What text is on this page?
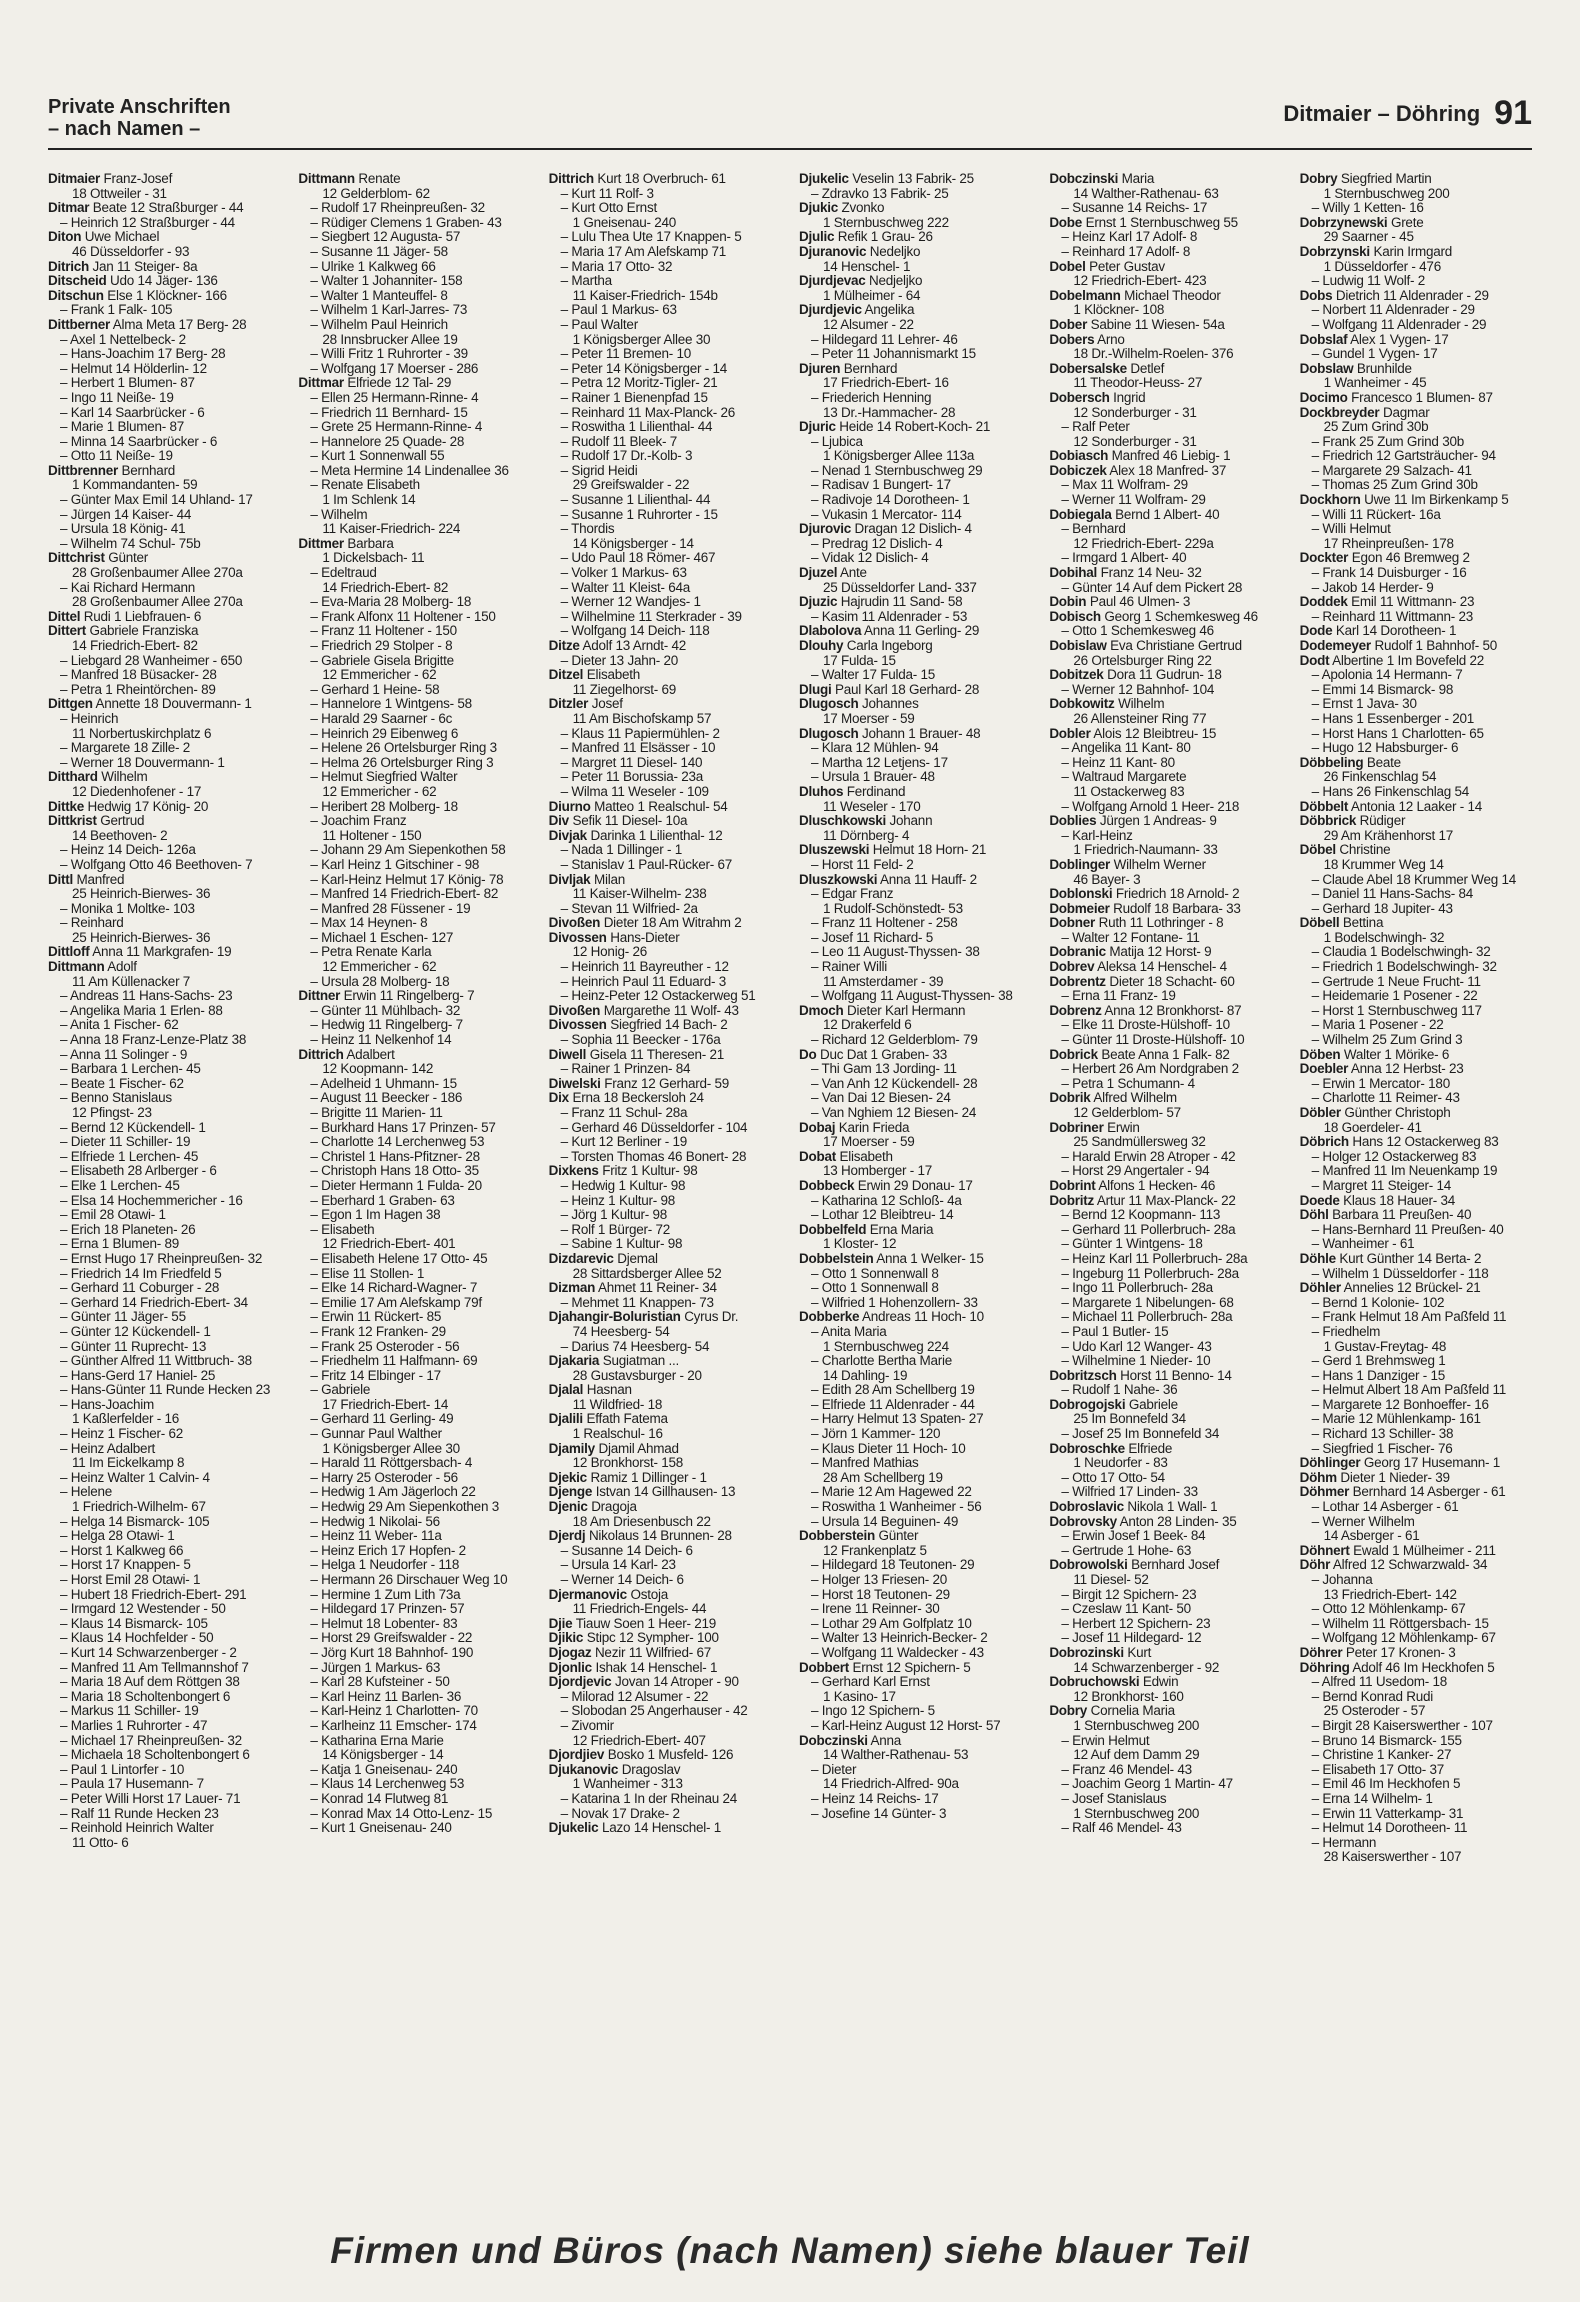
Private Anschriften
– nach Namen –
Ditmaier – Döhring 91

Ditmaier Franz-Josef

18 Ottweiler - 31

Ditmar Beate 12 Straßburger - 44

– Heinrich 12 Straßburger - 44

Diton Uwe Michael

46 Düsseldorfer - 93

Ditrich Jan 11 Steiger- 8a

Ditscheid Udo 14 Jäger- 136

Ditschun Else 1 Klöckner- 166

– Frank 1 Falk- 105

Dittberner Alma Meta 17 Berg- 28

– Axel 1 Nettelbeck- 2

– Hans-Joachim 17 Berg- 28

– Helmut 14 Hölderlin- 12

– Herbert 1 Blumen- 87

– Ingo 11 Neiße- 19

– Karl 14 Saarbrücker - 6

– Marie 1 Blumen- 87

– Minna 14 Saarbrücker - 6

– Otto 11 Neiße- 19

Dittbrenner Bernhard

1 Kommandanten- 59

– Günter Max Emil 14 Uhland- 17

– Jürgen 14 Kaiser- 44

– Ursula 18 König- 41

– Wilhelm 74 Schul- 75b

Dittchrist Günter

28 Großenbaumer Allee 270a

– Kai Richard Hermann

28 Großenbaumer Allee 270a

Dittel Rudi 1 Liebfrauen- 6

Dittert Gabriele Franziska

14 Friedrich-Ebert- 82

– Liebgard 28 Wanheimer - 650

– Manfred 18 Büsacker- 28

– Petra 1 Rheintörchen- 89

Dittgen Annette 18 Douvermann- 1

– Heinrich

11 Norbertuskirchplatz 6

– Margarete 18 Zille- 2

– Werner 18 Douvermann- 1

Ditthard Wilhelm

12 Diedenhofener - 17

Dittke Hedwig 17 König- 20

Dittkrist Gertrud

14 Beethoven- 2

– Heinz 14 Deich- 126a

– Wolfgang Otto 46 Beethoven- 7

Dittl Manfred

25 Heinrich-Bierwes- 36

– Monika 1 Moltke- 103

– Reinhard

25 Heinrich-Bierwes- 36

Dittloff Anna 11 Markgrafen- 19

Dittmann Adolf

11 Am Küllenacker 7

– Andreas 11 Hans-Sachs- 23

– Angelika Maria 1 Erlen- 88

– Anita 1 Fischer- 62

– Anna 18 Franz-Lenze-Platz 38

– Anna 11 Solinger - 9

– Barbara 1 Lerchen- 45

– Beate 1 Fischer- 62

– Benno Stanislaus

12 Pfingst- 23

– Bernd 12 Kückendell- 1

– Dieter 11 Schiller- 19

– Elfriede 1 Lerchen- 45

– Elisabeth 28 Arlberger - 6

– Elke 1 Lerchen- 45

– Elsa 14 Hochemmericher - 16

– Emil 28 Otawi- 1

– Erich 18 Planeten- 26

– Erna 1 Blumen- 89

– Ernst Hugo 17 Rheinpreußen- 32

– Friedrich 14 Im Friedfeld 5

– Gerhard 11 Coburger - 28

– Gerhard 14 Friedrich-Ebert- 34

– Günter 11 Jäger- 55

– Günter 12 Kückendell- 1

– Günter 11 Ruprecht- 13

– Günther Alfred 11 Wittbruch- 38

– Hans-Gerd 17 Haniel- 25

– Hans-Günter 11 Runde Hecken 23

– Hans-Joachim

1 Kaßlerfelder - 16

– Heinz 1 Fischer- 62

– Heinz Adalbert

11 Im Eickelkamp 8

– Heinz Walter 1 Calvin- 4

– Helene

1 Friedrich-Wilhelm- 67

– Helga 14 Bismarck- 105

– Helga 28 Otawi- 1

– Horst 1 Kalkweg 66

– Horst 17 Knappen- 5

– Horst Emil 28 Otawi- 1

– Hubert 18 Friedrich-Ebert- 291

– Irmgard 12 Westender - 50

– Klaus 14 Bismarck- 105

– Klaus 14 Hochfelder - 50

– Kurt 14 Schwarzenberger - 2

– Manfred 11 Am Tellmannshof 7

– Maria 18 Auf dem Röttgen 38

– Maria 18 Scholtenbongert 6

– Markus 11 Schiller- 19

– Marlies 1 Ruhrorter - 47

– Michael 17 Rheinpreußen- 32

– Michaela 18 Scholtenbongert 6

– Paul 1 Lintorfer - 10

– Paula 17 Husemann- 7

– Peter Willi Horst 17 Lauer- 71

– Ralf 11 Runde Hecken 23

– Reinhold Heinrich Walter

11 Otto- 6

Dittmann Renate

12 Gelderblom- 62

– Rudolf 17 Rheinpreußen- 32

– Rüdiger Clemens 1 Graben- 43

– Siegbert 12 Augusta- 57

– Susanne 11 Jäger- 58

– Ulrike 1 Kalkweg 66

– Walter 1 Johanniter- 158

– Walter 1 Manteuffel- 8

– Wilhelm 1 Karl-Jarres- 73

– Wilhelm Paul Heinrich

28 Innsbrucker Allee 19

– Willi Fritz 1 Ruhrorter - 39

– Wolfgang 17 Moerser - 286

Dittmar Elfriede 12 Tal- 29

– Ellen 25 Hermann-Rinne- 4

– Friedrich 11 Bernhard- 15

– Grete 25 Hermann-Rinne- 4

– Hannelore 25 Quade- 28

– Kurt 1 Sonnenwall 55

– Meta Hermine 14 Lindenallee 36

– Renate Elisabeth

1 Im Schlenk 14

– Wilhelm

11 Kaiser-Friedrich- 224

Dittmer Barbara

1 Dickelsbach- 11

– Edeltraud

14 Friedrich-Ebert- 82

– Eva-Maria 28 Molberg- 18

– Frank Alfonx 11 Holtener - 150

– Franz 11 Holtener - 150

– Friedrich 29 Stolper - 8

– Gabriele Gisela Brigitte

12 Emmericher - 62

– Gerhard 1 Heine- 58

– Hannelore 1 Wintgens- 58

– Harald 29 Saarner - 6c

– Heinrich 29 Eibenweg 6

– Helene 26 Ortelsburger Ring 3

– Helma 26 Ortelsburger Ring 3

– Helmut Siegfried Walter

12 Emmericher - 62

– Heribert 28 Molberg- 18

– Joachim Franz

11 Holtener - 150

– Johann 29 Am Siepenkothen 58

– Karl Heinz 1 Gitschiner - 98

– Karl-Heinz Helmut 17 König- 78

– Manfred 14 Friedrich-Ebert- 82

– Manfred 28 Füssener - 19

– Max 14 Heynen- 8

– Michael 1 Eschen- 127

– Petra Renate Karla

12 Emmericher - 62

– Ursula 28 Molberg- 18

Dittner Erwin 11 Ringelberg- 7

– Günter 11 Mühlbach- 32

– Hedwig 11 Ringelberg- 7

– Heinz 11 Nelkenhof 14

Dittrich Adalbert

12 Koopmann- 142

– Adelheid 1 Uhmann- 15

– August 11 Beecker - 186

– Brigitte 11 Marien- 11

– Burkhard Hans 17 Prinzen- 57

– Charlotte 14 Lerchenweg 53

– Christel 1 Hans-Pfitzner- 28

– Christoph Hans 18 Otto- 35

– Dieter Hermann 1 Fulda- 20

– Eberhard 1 Graben- 63

– Egon 1 Im Hagen 38

– Elisabeth

12 Friedrich-Ebert- 401

– Elisabeth Helene 17 Otto- 45

– Elise 11 Stollen- 1

– Elke 14 Richard-Wagner- 7

– Emilie 17 Am Alefskamp 79f

– Erwin 11 Rückert- 85

– Frank 12 Franken- 29

– Frank 25 Osteroder - 56

– Friedhelm 11 Halfmann- 69

– Fritz 14 Elbinger - 17

– Gabriele

17 Friedrich-Ebert- 14

– Gerhard 11 Gerling- 49

– Gunnar Paul Walther

1 Königsberger Allee 30

– Harald 11 Röttgersbach- 4

– Harry 25 Osteroder - 56

– Hedwig 1 Am Jägerloch 22

– Hedwig 29 Am Siepenkothen 3

– Hedwig 1 Nikolai- 56

– Heinz 11 Weber- 11a

– Heinz Erich 17 Hopfen- 2

– Helga 1 Neudorfer - 118

– Hermann 26 Dirschauer Weg 10

– Hermine 1 Zum Lith 73a

– Hildegard 17 Prinzen- 57

– Helmut 18 Lobenter- 83

– Horst 29 Greifswalder - 22

– Jörg Kurt 18 Bahnhof- 190

– Jürgen 1 Markus- 63

– Karl 28 Kufsteiner - 50

– Karl Heinz 11 Barlen- 36

– Karl-Heinz 1 Charlotten- 70

– Karlheinz 11 Emscher- 174

– Katharina Erna Marie

14 Königsberger - 14

– Katja 1 Gneisenau- 240

– Klaus 14 Lerchenweg 53

– Konrad 14 Flutweg 81

– Konrad Max 14 Otto-Lenz- 15

– Kurt 1 Gneisenau- 240

Dittrich Kurt 18 Overbruch- 61

– Kurt 11 Rolf- 3

– Kurt Otto Ernst

1 Gneisenau- 240

– Lulu Thea Ute 17 Knappen- 5

– Maria 17 Am Alefskamp 71

– Maria 17 Otto- 32

– Martha

11 Kaiser-Friedrich- 154b

– Paul 1 Markus- 63

– Paul Walter

1 Königsberger Allee 30

– Peter 11 Bremen- 10

– Peter 14 Königsberger - 14

– Petra 12 Moritz-Tigler- 21

– Rainer 1 Bienenpfad 15

– Reinhard 11 Max-Planck- 26

– Roswitha 1 Lilienthal- 44

– Rudolf 11 Bleek- 7

– Rudolf 17 Dr.-Kolb- 3

– Sigrid Heidi

29 Greifswalder - 22

– Susanne 1 Lilienthal- 44

– Susanne 1 Ruhrorter - 15

– Thordis

14 Königsberger - 14

– Udo Paul 18 Römer- 467

– Volker 1 Markus- 63

– Walter 11 Kleist- 64a

– Werner 12 Wandjes- 1

– Wilhelmine 11 Sterkrader - 39

– Wolfgang 14 Deich- 118

Ditze Adolf 13 Arndt- 42

– Dieter 13 Jahn- 20

Ditzel Elisabeth

11 Ziegelhorst- 69

Ditzler Josef

11 Am Bischofskamp 57

– Klaus 11 Papiermühlen- 2

– Manfred 11 Elsässer - 10

– Margret 11 Diesel- 140

– Peter 11 Borussia- 23a

– Wilma 11 Weseler - 109

Diurno Matteo 1 Realschul- 54

Div Sefik 11 Diesel- 10a

Divjak Darinka 1 Lilienthal- 12

– Nada 1 Dillinger - 1

– Stanislav 1 Paul-Rücker- 67

Divljak Milan

11 Kaiser-Wilhelm- 238

– Stevan 11 Wilfried- 2a

Divoßen Dieter 18 Am Witrahm 2

Divossen Hans-Dieter

12 Honig- 26

– Heinrich 11 Bayreuther - 12

– Heinrich Paul 11 Eduard- 3

– Heinz-Peter 12 Ostackerweg 51

Divoßen Margarethe 11 Wolf- 43

Divossen Siegfried 14 Bach- 2

– Sophia 11 Beecker - 176a

Diwell Gisela 11 Theresen- 21

– Rainer 1 Prinzen- 84

Diwelski Franz 12 Gerhard- 59

Dix Erna 18 Beckersloh 24

– Franz 11 Schul- 28a

– Gerhard 46 Düsseldorfer - 104

– Kurt 12 Berliner - 19

– Torsten Thomas 46 Bonert- 28

Dixkens Fritz 1 Kultur- 98

– Hedwig 1 Kultur- 98

– Heinz 1 Kultur- 98

– Jörg 1 Kultur- 98

– Rolf 1 Bürger- 72

– Sabine 1 Kultur- 98

Dizdarevic Djemal

28 Sittardsberger Allee 52

Dizman Ahmet 11 Reiner- 34

– Mehmet 11 Knappen- 73

Djahangir-Boluristian Cyrus Dr.

74 Heesberg- 54

– Darius 74 Heesberg- 54

Djakaria Sugiatman ...

28 Gustavsburger - 20

Djalal Hasnan

11 Wildfried- 18

Djalili Effath Fatema

1 Realschul- 16

Djamily Djamil Ahmad

12 Bronkhorst- 158

Djekic Ramiz 1 Dillinger - 1

Djenge Istvan 14 Gillhausen- 13

Djenic Dragoja

18 Am Driesenbusch 22

Djerdj Nikolaus 14 Brunnen- 28

– Susanne 14 Deich- 6

– Ursula 14 Karl- 23

– Werner 14 Deich- 6

Djermanovic Ostoja

11 Friedrich-Engels- 44

Djie Tiauw Soen 1 Heer- 219

Djikic Stipc 12 Sympher- 100

Djogaz Nezir 11 Wilfried- 67

Djonlic Ishak 14 Henschel- 1

Djordjevic Jovan 14 Atroper - 90

– Milorad 12 Alsumer - 22

– Slobodan 25 Angerhauser - 42

– Zivomir

12 Friedrich-Ebert- 407

Djordjiev Bosko 1 Musfeld- 126

Djukanovic Dragoslav

1 Wanheimer - 313

– Katarina 1 In der Rheinau 24

– Novak 17 Drake- 2

Djukelic Lazo 14 Henschel- 1

Djukelic Veselin 13 Fabrik- 25

– Zdravko 13 Fabrik- 25

Djukic Zvonko

1 Sternbuschweg 222

Djulic Refik 1 Grau- 26

Djuranovic Nedeljko

14 Henschel- 1

Djurdjevac Nedjeljko

1 Mülheimer - 64

Djurdjevic Angelika

12 Alsumer - 22

– Hildegard 11 Lehrer- 46

– Peter 11 Johannismarkt 15

Djuren Bernhard

17 Friedrich-Ebert- 16

– Friederich Henning

13 Dr.-Hammacher- 28

Djuric Heide 14 Robert-Koch- 21

– Ljubica

1 Königsberger Allee 113a

– Nenad 1 Sternbuschweg 29

– Radisav 1 Bungert- 17

– Radivoje 14 Dorotheen- 1

– Vukasin 1 Mercator- 114

Djurovic Dragan 12 Dislich- 4

– Predrag 12 Dislich- 4

– Vidak 12 Dislich- 4

Djuzel Ante

25 Düsseldorfer Land- 337

Djuzic Hajrudin 11 Sand- 58

– Kasim 11 Aldenrader - 53

Dlabolova Anna 11 Gerling- 29

Dlouhy Carla Ingeborg

17 Fulda- 15

– Walter 17 Fulda- 15

Dlugi Paul Karl 18 Gerhard- 28

Dlugosch Johannes

17 Moerser - 59

Dlugosch Johann 1 Brauer- 48

– Klara 12 Mühlen- 94

– Martha 12 Letjens- 17

– Ursula 1 Brauer- 48

Dluhos Ferdinand

11 Weseler - 170

Dluschkowski Johann

11 Dörnberg- 4

Dluszewski Helmut 18 Horn- 21

– Horst 11 Feld- 2

Dluszkowski Anna 11 Hauff- 2

– Edgar Franz

1 Rudolf-Schönstedt- 53

– Franz 11 Holtener - 258

– Josef 11 Richard- 5

– Leo 11 August-Thyssen- 38

– Rainer Willi

11 Amsterdamer - 39

– Wolfgang 11 August-Thyssen- 38

Dmoch Dieter Karl Hermann

12 Drakerfeld 6

– Richard 12 Gelderblom- 79

Do Duc Dat 1 Graben- 33

– Thi Gam 13 Jording- 11

– Van Anh 12 Kückendell- 28

– Van Dai 12 Biesen- 24

– Van Nghiem 12 Biesen- 24

Dobaj Karin Frieda

17 Moerser - 59

Dobat Elisabeth

13 Homberger - 17

Dobbeck Erwin 29 Donau- 17

– Katharina 12 Schloß- 4a

– Lothar 12 Bleibtreu- 14

Dobbelfeld Erna Maria

1 Kloster- 12

Dobbelstein Anna 1 Welker- 15

– Otto 1 Sonnenwall 8

– Otto 1 Sonnenwall 8

– Wilfried 1 Hohenzollern- 33

Dobberke Andreas 11 Hoch- 10

– Anita Maria

1 Sternbuschweg 224

– Charlotte Bertha Marie

14 Dahling- 19

– Edith 28 Am Schellberg 19

– Elfriede 11 Aldenrader - 44

– Harry Helmut 13 Spaten- 27

– Jörn 1 Kammer- 120

– Klaus Dieter 11 Hoch- 10

– Manfred Mathias

28 Am Schellberg 19

– Marie 12 Am Hagewed 22

– Roswitha 1 Wanheimer - 56

– Ursula 14 Beguinen- 49

Dobberstein Günter

12 Frankenplatz 5

– Hildegard 18 Teutonen- 29

– Holger 13 Friesen- 20

– Horst 18 Teutonen- 29

– Irene 11 Reinner- 30

– Lothar 29 Am Golfplatz 10

– Walter 13 Heinrich-Becker- 2

– Wolfgang 11 Waldecker - 43

Dobbert Ernst 12 Spichern- 5

– Gerhard Karl Ernst

1 Kasino- 17

– Ingo 12 Spichern- 5

– Karl-Heinz August 12 Horst- 57

Dobczinski Anna

14 Walther-Rathenau- 53

– Dieter

14 Friedrich-Alfred- 90a

– Heinz 14 Reichs- 17

– Josefine 14 Günter- 3

Dobczinski Maria

14 Walther-Rathenau- 63

– Susanne 14 Reichs- 17

Dobe Ernst 1 Sternbuschweg 55

– Heinz Karl 17 Adolf- 8

– Reinhard 17 Adolf- 8

Dobel Peter Gustav

12 Friedrich-Ebert- 423

Dobelmann Michael Theodor

1 Klöckner- 108

Dober Sabine 11 Wiesen- 54a

Dobers Arno

18 Dr.-Wilhelm-Roelen- 376

Dobersalske Detlef

11 Theodor-Heuss- 27

Dobersch Ingrid

12 Sonderburger - 31

– Ralf Peter

12 Sonderburger - 31

Dobiasch Manfred 46 Liebig- 1

Dobiczek Alex 18 Manfred- 37

– Max 11 Wolfram- 29

– Werner 11 Wolfram- 29

Dobiegala Bernd 1 Albert- 40

– Bernhard

12 Friedrich-Ebert- 229a

– Irmgard 1 Albert- 40

Dobihal Franz 14 Neu- 32

– Günter 14 Auf dem Pickert 28

Dobin Paul 46 Ulmen- 3

Dobisch Georg 1 Schemkesweg 46

– Otto 1 Schemkesweg 46

Dobislaw Eva Christiane Gertrud

26 Ortelsburger Ring 22

Dobitzek Dora 11 Gudrun- 18

– Werner 12 Bahnhof- 104

Dobkowitz Wilhelm

26 Allensteiner Ring 77

Dobler Alois 12 Bleibtreu- 15

– Angelika 11 Kant- 80

– Heinz 11 Kant- 80

– Waltraud Margarete

11 Ostackerweg 83

– Wolfgang Arnold 1 Heer- 218

Doblies Jürgen 1 Andreas- 9

– Karl-Heinz

1 Friedrich-Naumann- 33

Doblinger Wilhelm Werner

46 Bayer- 3

Doblonski Friedrich 18 Arnold- 2

Dobmeier Rudolf 18 Barbara- 33

Dobner Ruth 11 Lothringer - 8

– Walter 12 Fontane- 11

Dobranic Matija 12 Horst- 9

Dobrev Aleksa 14 Henschel- 4

Dobrentz Dieter 18 Schacht- 60

– Erna 11 Franz- 19

Dobrenz Anna 12 Bronkhorst- 87

– Elke 11 Droste-Hülshoff- 10

– Günter 11 Droste-Hülshoff- 10

Dobrick Beate Anna 1 Falk- 82

– Herbert 26 Am Nordgraben 2

– Petra 1 Schumann- 4

Dobrik Alfred Wilhelm

12 Gelderblom- 57

Dobriner Erwin

25 Sandmüllersweg 32

– Harald Erwin 28 Atroper - 42

– Horst 29 Angertaler - 94

Dobrint Alfons 1 Hecken- 46

Dobritz Artur 11 Max-Planck- 22

– Bernd 12 Koopmann- 113

– Gerhard 11 Pollerbruch- 28a

– Günter 1 Wintgens- 18

– Heinz Karl 11 Pollerbruch- 28a

– Ingeburg 11 Pollerbruch- 28a

– Ingo 11 Pollerbruch- 28a

– Margarete 1 Nibelungen- 68

– Michael 11 Pollerbruch- 28a

– Paul 1 Butler- 15

– Udo Karl 12 Wanger- 43

– Wilhelmine 1 Nieder- 10

Dobritzsch Horst 11 Benno- 14

– Rudolf 1 Nahe- 36

Dobrogojski Gabriele

25 Im Bonnefeld 34

– Josef 25 Im Bonnefeld 34

Dobroschke Elfriede

1 Neudorfer - 83

– Otto 17 Otto- 54

– Wilfried 17 Linden- 33

Dobroslavic Nikola 1 Wall- 1

Dobrovsky Anton 28 Linden- 35

– Erwin Josef 1 Beek- 84

– Gertrude 1 Hohe- 63

Dobrowolski Bernhard Josef

11 Diesel- 52

– Birgit 12 Spichern- 23

– Czeslaw 11 Kant- 50

– Herbert 12 Spichern- 23

– Josef 11 Hildegard- 12

Dobrozinski Kurt

14 Schwarzenberger - 92

Dobruchowski Edwin

12 Bronkhorst- 160

Dobry Cornelia Maria

1 Sternbuschweg 200

– Erwin Helmut

12 Auf dem Damm 29

– Franz 46 Mendel- 43

– Joachim Georg 1 Martin- 47

– Josef Stanislaus

1 Sternbuschweg 200

– Ralf 46 Mendel- 43

Dobry Siegfried Martin

1 Sternbuschweg 200

– Willy 1 Ketten- 16

Dobrzynewski Grete

29 Saarner - 45

Dobrzynski Karin Irmgard

1 Düsseldorfer - 476

– Ludwig 11 Wolf- 2

Dobs Dietrich 11 Aldenrader - 29

– Norbert 11 Aldenrader - 29

– Wolfgang 11 Aldenrader - 29

Dobslaf Alex 1 Vygen- 17

– Gundel 1 Vygen- 17

Dobslaw Brunhilde

1 Wanheimer - 45

Docimo Francesco 1 Blumen- 87

Dockbreyder Dagmar

25 Zum Grind 30b

– Frank 25 Zum Grind 30b

– Friedrich 12 Gartsträucher- 94

– Margarete 29 Salzach- 41

– Thomas 25 Zum Grind 30b

Dockhorn Uwe 11 Im Birkenkamp 5

– Willi 11 Rückert- 16a

– Willi Helmut

17 Rheinpreußen- 178

Dockter Egon 46 Bremweg 2

– Frank 14 Duisburger - 16

– Jakob 14 Herder- 9

Doddek Emil 11 Wittmann- 23

– Reinhard 11 Wittmann- 23

Dode Karl 14 Dorotheen- 1

Dodemeyer Rudolf 1 Bahnhof- 50

Dodt Albertine 1 Im Bovefeld 22

– Apolonia 14 Hermann- 7

– Emmi 14 Bismarck- 98

– Ernst 1 Java- 30

– Hans 1 Essenberger - 201

– Horst Hans 1 Charlotten- 65

– Hugo 12 Habsburger- 6

Döbbeling Beate

26 Finkenschlag 54

– Hans 26 Finkenschlag 54

Döbbelt Antonia 12 Laaker - 14

Döbbrick Rüdiger

29 Am Krähenhorst 17

Döbel Christine

18 Krummer Weg 14

– Claude Abel 18 Krummer Weg 14

– Daniel 11 Hans-Sachs- 84

– Gerhard 18 Jupiter- 43

Döbell Bettina

1 Bodelschwingh- 32

– Claudia 1 Bodelschwingh- 32

– Friedrich 1 Bodelschwingh- 32

– Gertrude 1 Neue Frucht- 11

– Heidemarie 1 Posener - 22

– Horst 1 Sternbuschweg 117

– Maria 1 Posener - 22

– Wilhelm 25 Zum Grind 3

Döben Walter 1 Mörike- 6

Doebler Anna 12 Herbst- 23

– Erwin 1 Mercator- 180

– Charlotte 11 Reimer- 43

Döbler Günther Christoph

18 Goerdeler- 41

Döbrich Hans 12 Ostackerweg 83

– Holger 12 Ostackerweg 83

– Manfred 11 Im Neuenkamp 19

– Margret 11 Steiger- 14

Doede Klaus 18 Hauer- 34

Döhl Barbara 11 Preußen- 40

– Hans-Bernhard 11 Preußen- 40

– Wanheimer - 61

Döhle Kurt Günther 14 Berta- 2

– Wilhelm 1 Düsseldorfer - 118

Döhler Annelies 12 Brückel- 21

– Bernd 1 Kolonie- 102

– Frank Helmut 18 Am Paßfeld 11

– Friedhelm

1 Gustav-Freytag- 48

– Gerd 1 Brehmsweg 1

– Hans 1 Danziger - 15

– Helmut Albert 18 Am Paßfeld 11

– Margarete 12 Bonhoeffer- 16

– Marie 12 Mühlenkamp- 161

– Richard 13 Schiller- 38

– Siegfried 1 Fischer- 76

Döhlinger Georg 17 Husemann- 1

Döhm Dieter 1 Nieder- 39

Döhmer Bernhard 14 Asberger - 61

– Lothar 14 Asberger - 61

– Werner Wilhelm

14 Asberger - 61

Döhnert Ewald 1 Mülheimer - 211

Döhr Alfred 12 Schwarzwald- 34

– Johanna

13 Friedrich-Ebert- 142

– Otto 12 Möhlenkamp- 67

– Wilhelm 11 Röttgersbach- 15

– Wolfgang 12 Möhlenkamp- 67

Döhrer Peter 17 Kronen- 3

Döhring Adolf 46 Im Heckhofen 5

– Alfred 11 Usedom- 18

– Bernd Konrad Rudi

25 Osteroder - 57

– Birgit 28 Kaiserswerther - 107

– Bruno 14 Bismarck- 155

– Christine 1 Kanker- 27

– Elisabeth 17 Otto- 37

– Emil 46 Im Heckhofen 5

– Erna 14 Wilhelm- 1

– Erwin 11 Vatterkamp- 31

– Helmut 14 Dorotheen- 11

– Hermann

28 Kaiserswerther - 107

Firmen und Büros (nach Namen) siehe blauer Teil
